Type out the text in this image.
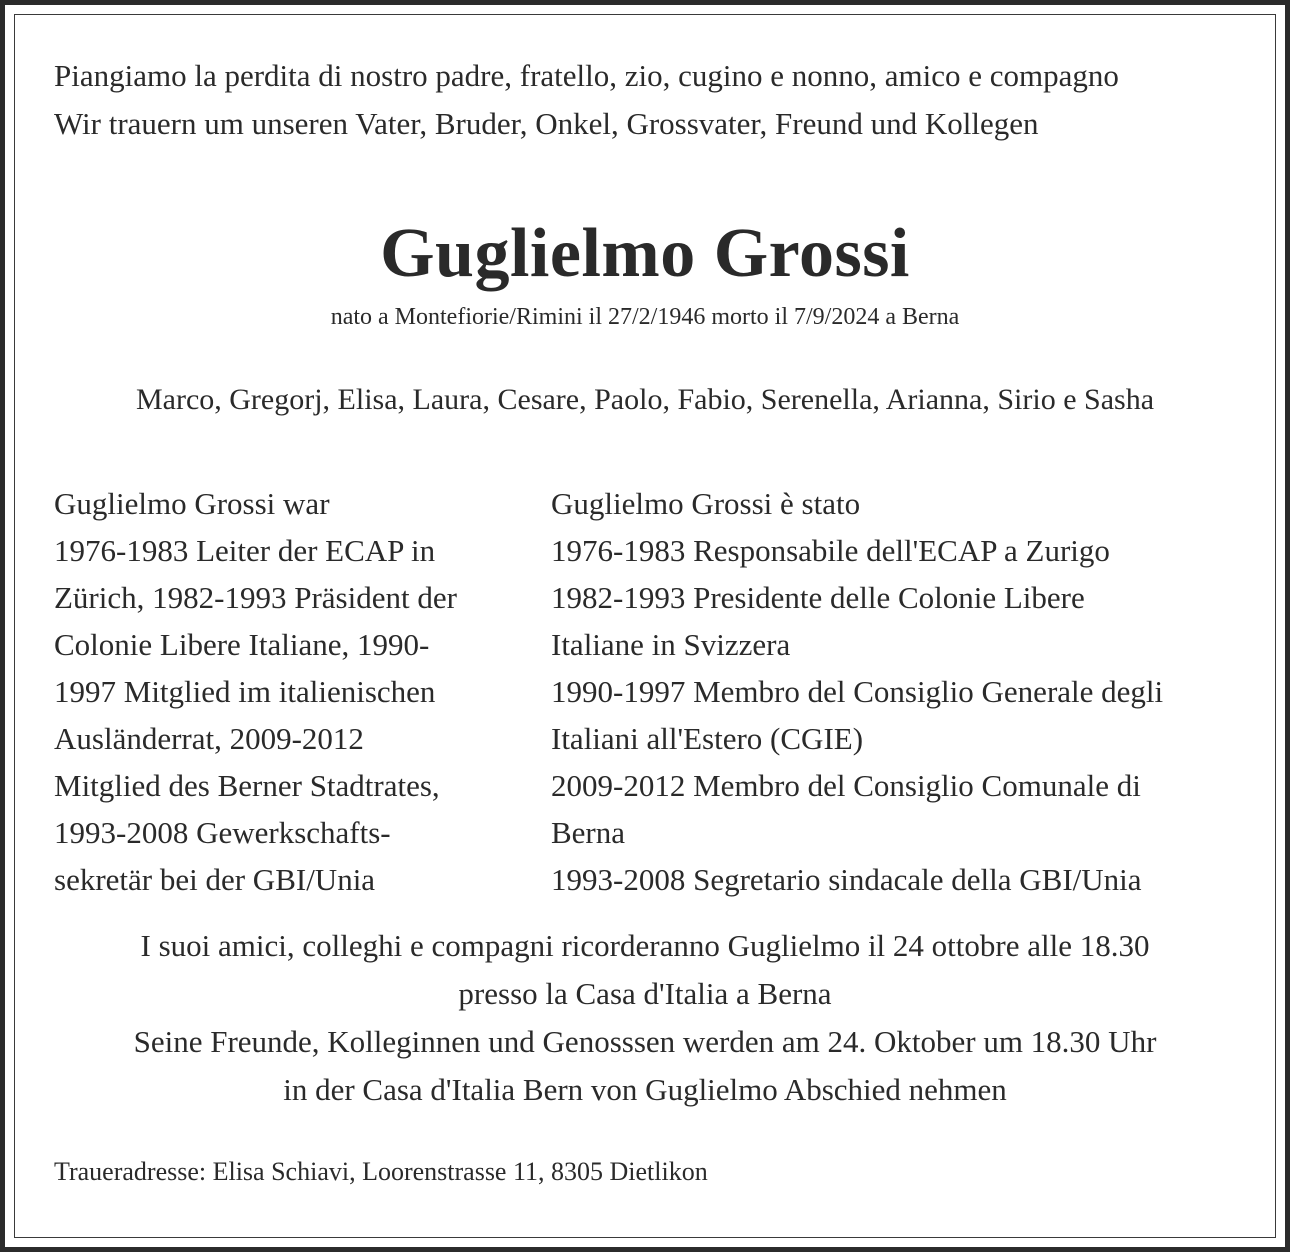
Piangiamo la perdita di nostro padre, fratello, zio, cugino e nonno, amico e compagno
Wir trauern um unseren Vater, Bruder, Onkel, Grossvater, Freund und Kollegen
Guglielmo Grossi
nato a Montefiorie/Rimini il 27/2/1946 morto il 7/9/2024 a Berna
Marco, Gregorj, Elisa, Laura, Cesare, Paolo, Fabio, Serenella, Arianna, Sirio e Sasha
Guglielmo Grossi war
1976-1983 Leiter der ECAP in
Zürich, 1982-1993 Präsident der
Colonie Libere Italiane, 1990-
1997 Mitglied im italienischen
Ausländerrat, 2009-2012
Mitglied des Berner Stadtrates,
1993-2008 Gewerkschafts-
sekretär bei der GBI/Unia
Guglielmo Grossi è stato
1976-1983 Responsabile dell'ECAP a Zurigo
1982-1993 Presidente delle Colonie Libere
Italiane in Svizzera
1990-1997 Membro del Consiglio Generale degli
Italiani all'Estero (CGIE)
2009-2012 Membro del Consiglio Comunale di
Berna
1993-2008 Segretario sindacale della GBI/Unia
I suoi amici, colleghi e compagni ricorderanno Guglielmo il 24 ottobre alle 18.30
presso la Casa d'Italia a Berna
Seine Freunde, Kolleginnen und Genosssen werden am 24. Oktober um 18.30 Uhr
in der Casa d'Italia Bern von Guglielmo Abschied nehmen
Traueradresse: Elisa Schiavi, Loorenstrasse 11, 8305 Dietlikon
